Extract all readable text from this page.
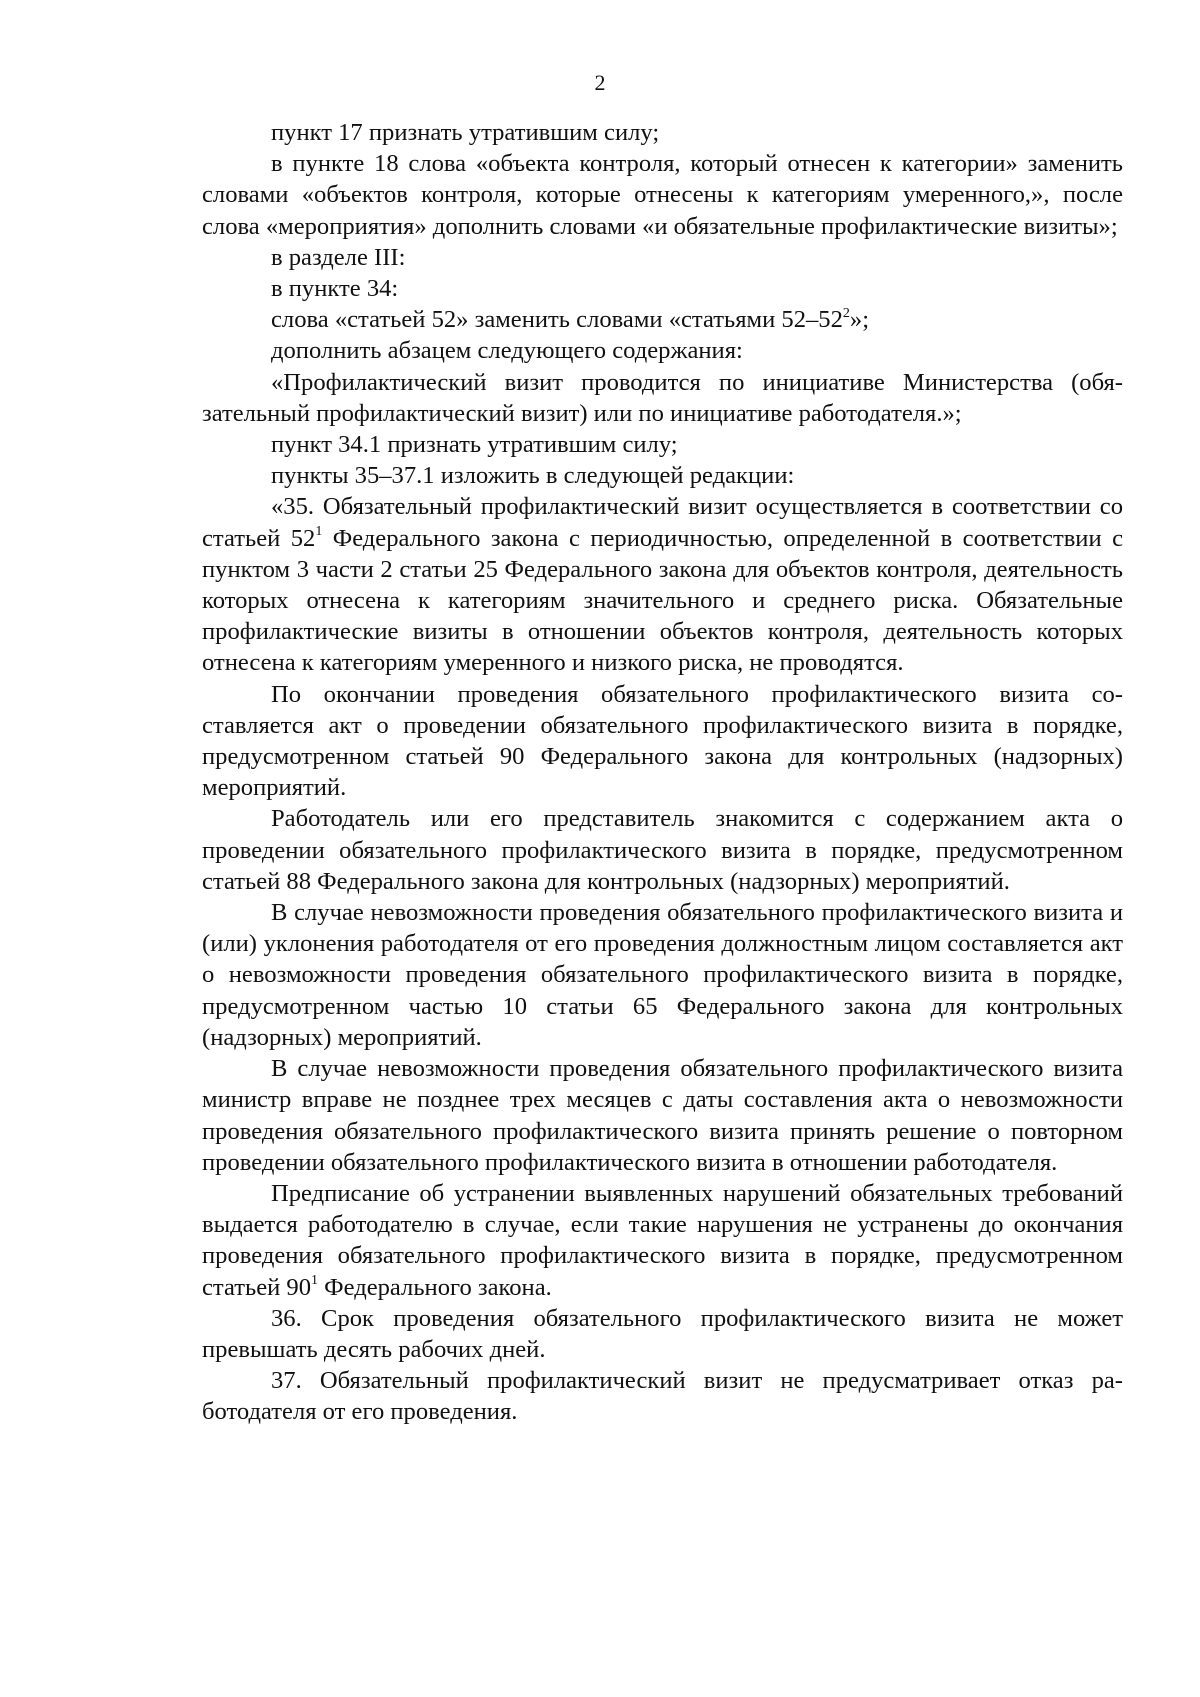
2

пункт 17 признать утратившим силу;

в пункте 18 слова «объекта контроля, который отнесен к категории» заменить словами «объектов контроля, которые отнесены к категориям умеренного,», после слова «мероприятия» дополнить словами «и обязательные профилактические визиты»;

в разделе III:

в пункте 34:

слова «статьей 52» заменить словами «статьями $52-52^2$»;

дополнить абзацем следующего содержания:

«Профилактический визит проводится по инициативе Министерства (обязательный профилактический визит) или по инициативе работодателя.»;

пункт 34.1 признать утратившим силу;

пункты 35–37.1 изложить в следующей редакции:

«35. Обязательный профилактический визит осуществляется в соответствии со статьей $52^1$ Федерального закона с периодичностью, определенной в соответствии с пунктом 3 части 2 статьи 25 Федерального закона для объектов контроля, деятельность которых отнесена к категориям значительного и среднего риска. Обязательные профилактические визиты в отношении объектов контроля, деятельность которых отнесена к категориям умеренного и низкого риска, не проводятся.

По окончании проведения обязательного профилактического визита составляется акт о проведении обязательного профилактического визита в порядке, предусмотренном статьей 90 Федерального закона для контрольных (надзорных) мероприятий.

Работодатель или его представитель знакомится с содержанием акта о проведении обязательного профилактического визита в порядке, предусмотренном статьей 88 Федерального закона для контрольных (надзорных) мероприятий.

В случае невозможности проведения обязательного профилактического визита и (или) уклонения работодателя от его проведения должностным лицом составляется акт о невозможности проведения обязательного профилактического визита в порядке, предусмотренном частью 10 статьи 65 Федерального закона для контрольных (надзорных) мероприятий.

В случае невозможности проведения обязательного профилактического визита министр вправе не позднее трех месяцев с даты составления акта о невозможности проведения обязательного профилактического визита принять решение о повторном проведении обязательного профилактического визита в отношении работодателя.

Предписание об устранении выявленных нарушений обязательных требований выдается работодателю в случае, если такие нарушения не устранены до окончания проведения обязательного профилактического визита в порядке, предусмотренном статьей $90^1$ Федерального закона.

36. Срок проведения обязательного профилактического визита не может превышать десять рабочих дней.

37. Обязательный профилактический визит не предусматривает отказ работодателя от его проведения.
